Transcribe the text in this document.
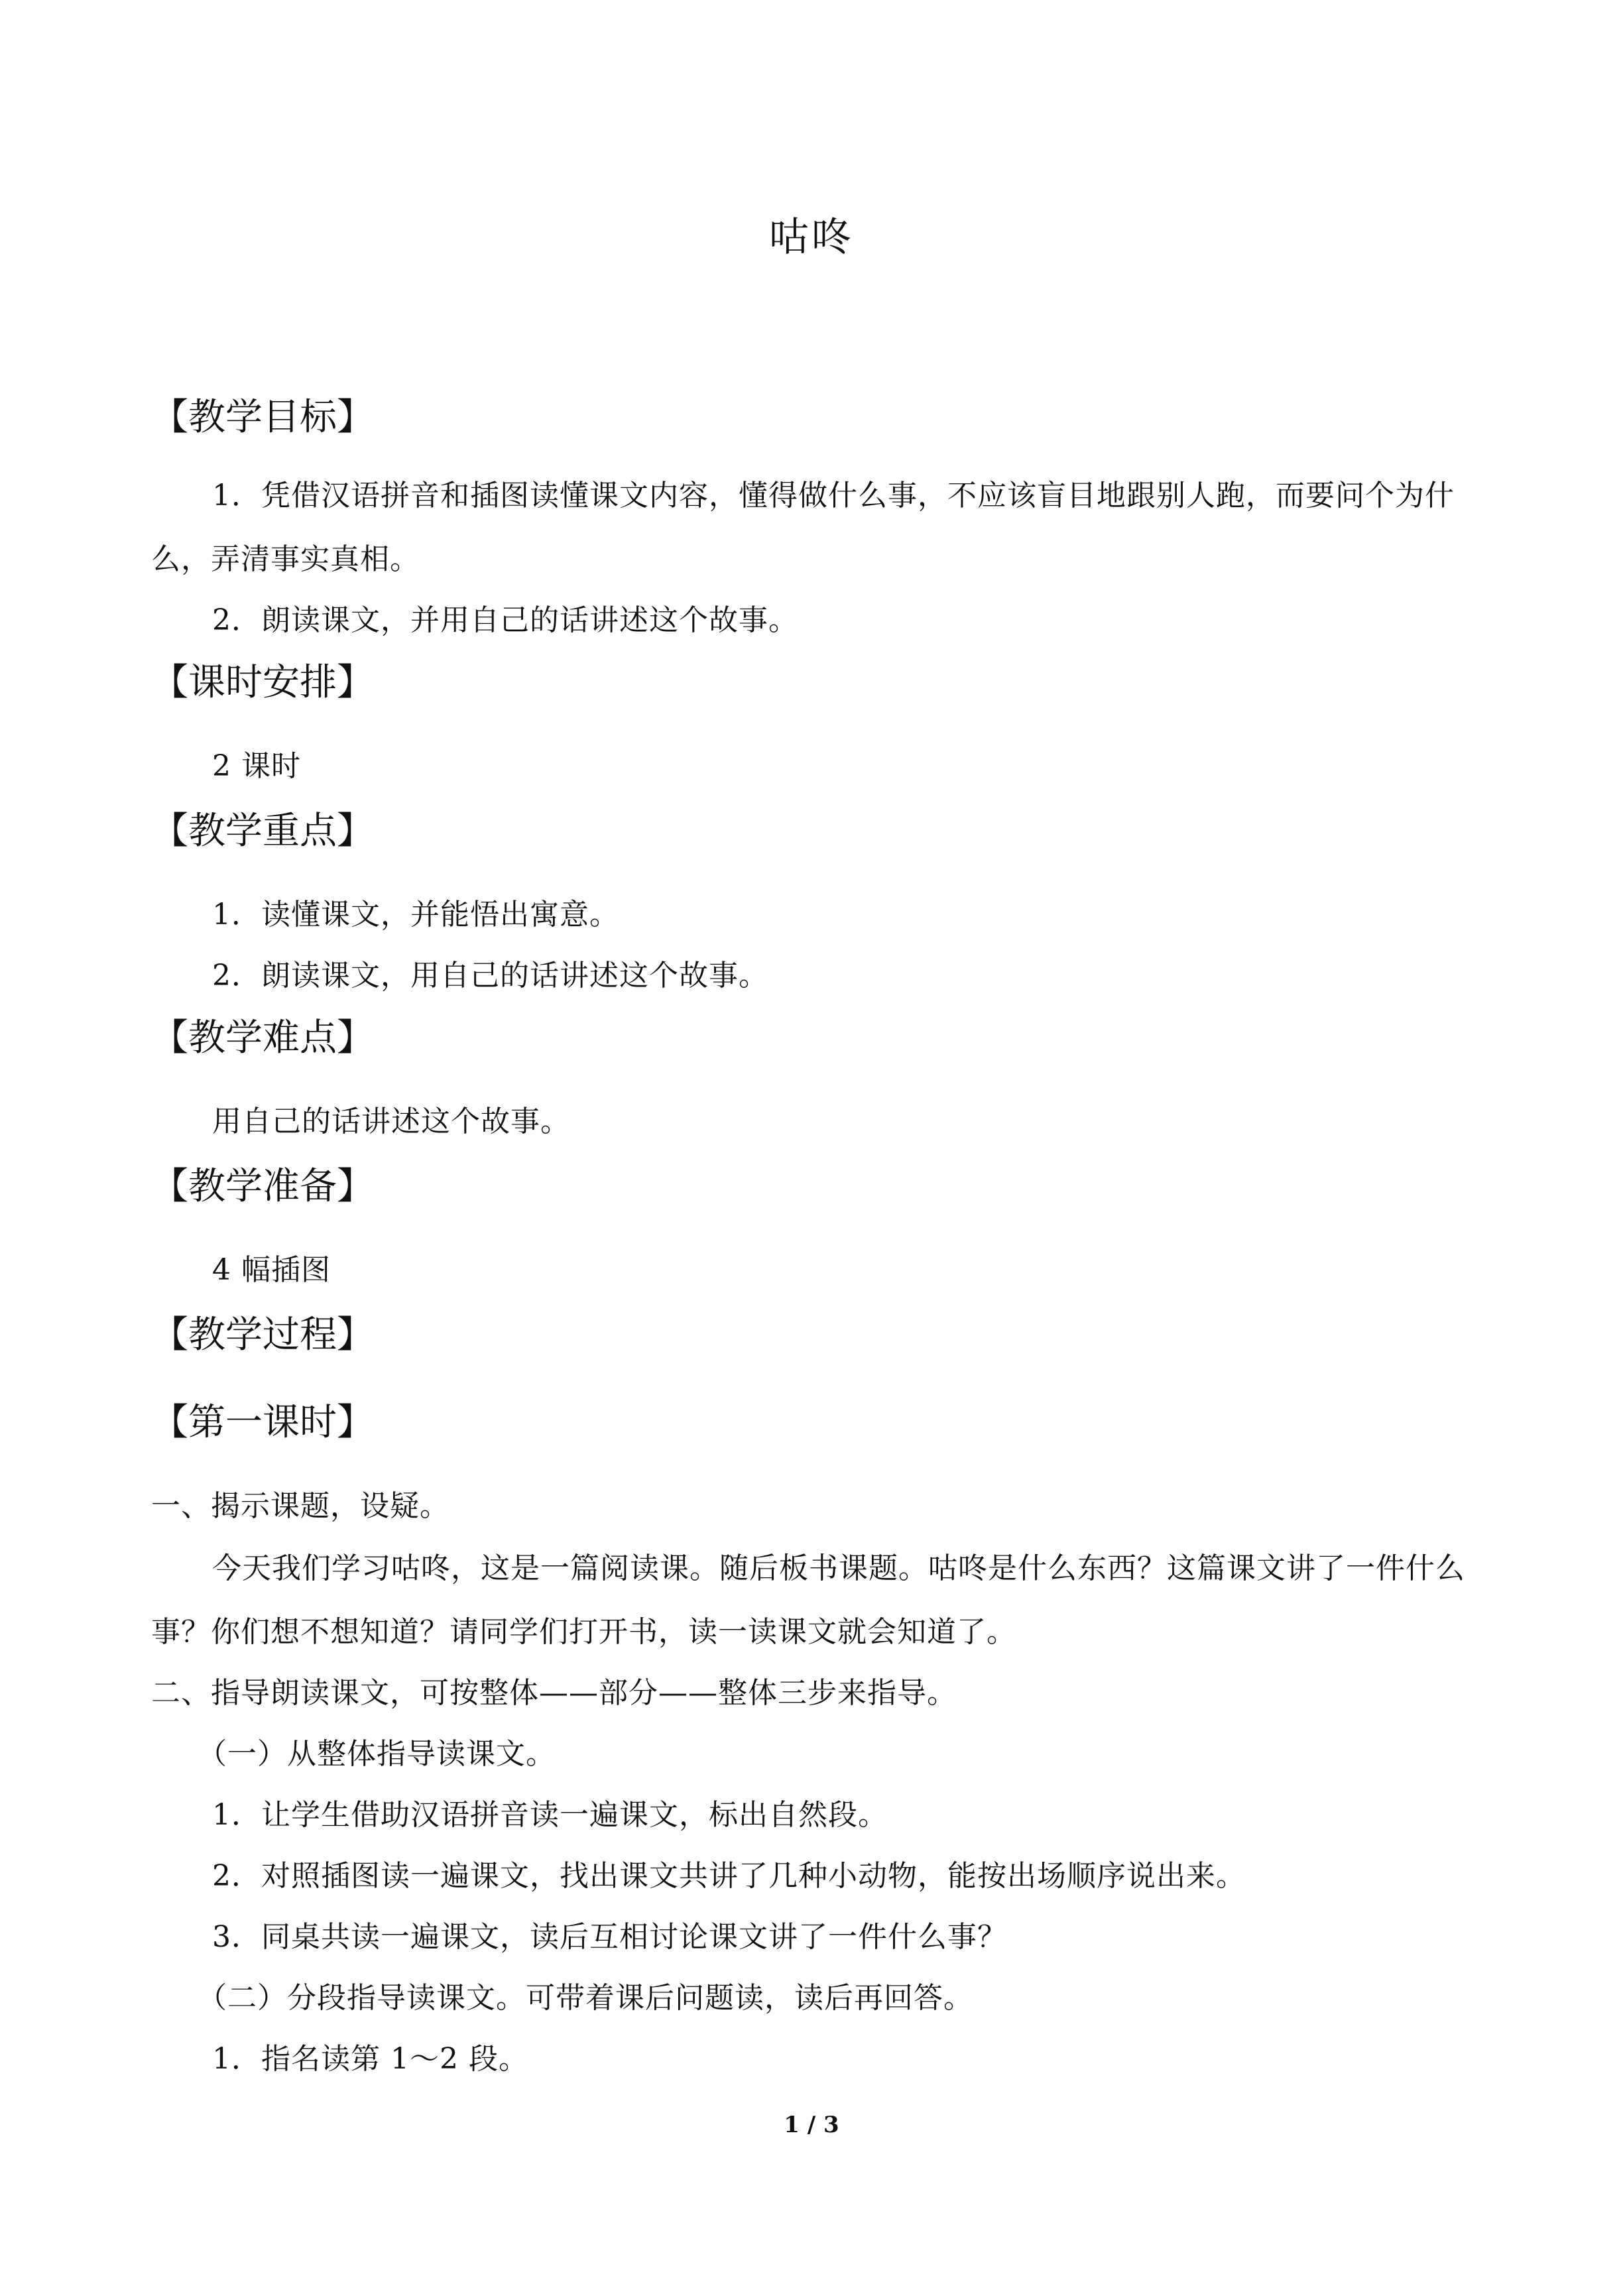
咕咚
【教学目标】
1．凭借汉语拼音和插图读懂课文内容，懂得做什么事，不应该盲目地跟别人跑，而要问个为什么，弄清事实真相。
2．朗读课文，并用自己的话讲述这个故事。
【课时安排】
2 课时
【教学重点】
1．读懂课文，并能悟出寓意。
2．朗读课文，用自己的话讲述这个故事。
【教学难点】
用自己的话讲述这个故事。
【教学准备】
4 幅插图
【教学过程】
【第一课时】
一、揭示课题，设疑。
今天我们学习咕咚，这是一篇阅读课。随后板书课题。咕咚是什么东西？这篇课文讲了一件什么事？你们想不想知道？请同学们打开书，读一读课文就会知道了。
二、指导朗读课文，可按整体——部分——整体三步来指导。
（一）从整体指导读课文。
1．让学生借助汉语拼音读一遍课文，标出自然段。
2．对照插图读一遍课文，找出课文共讲了几种小动物，能按出场顺序说出来。
3．同桌共读一遍课文，读后互相讨论课文讲了一件什么事？
（二）分段指导读课文。可带着课后问题读，读后再回答。
1．指名读第 1～2 段。
1 / 3
